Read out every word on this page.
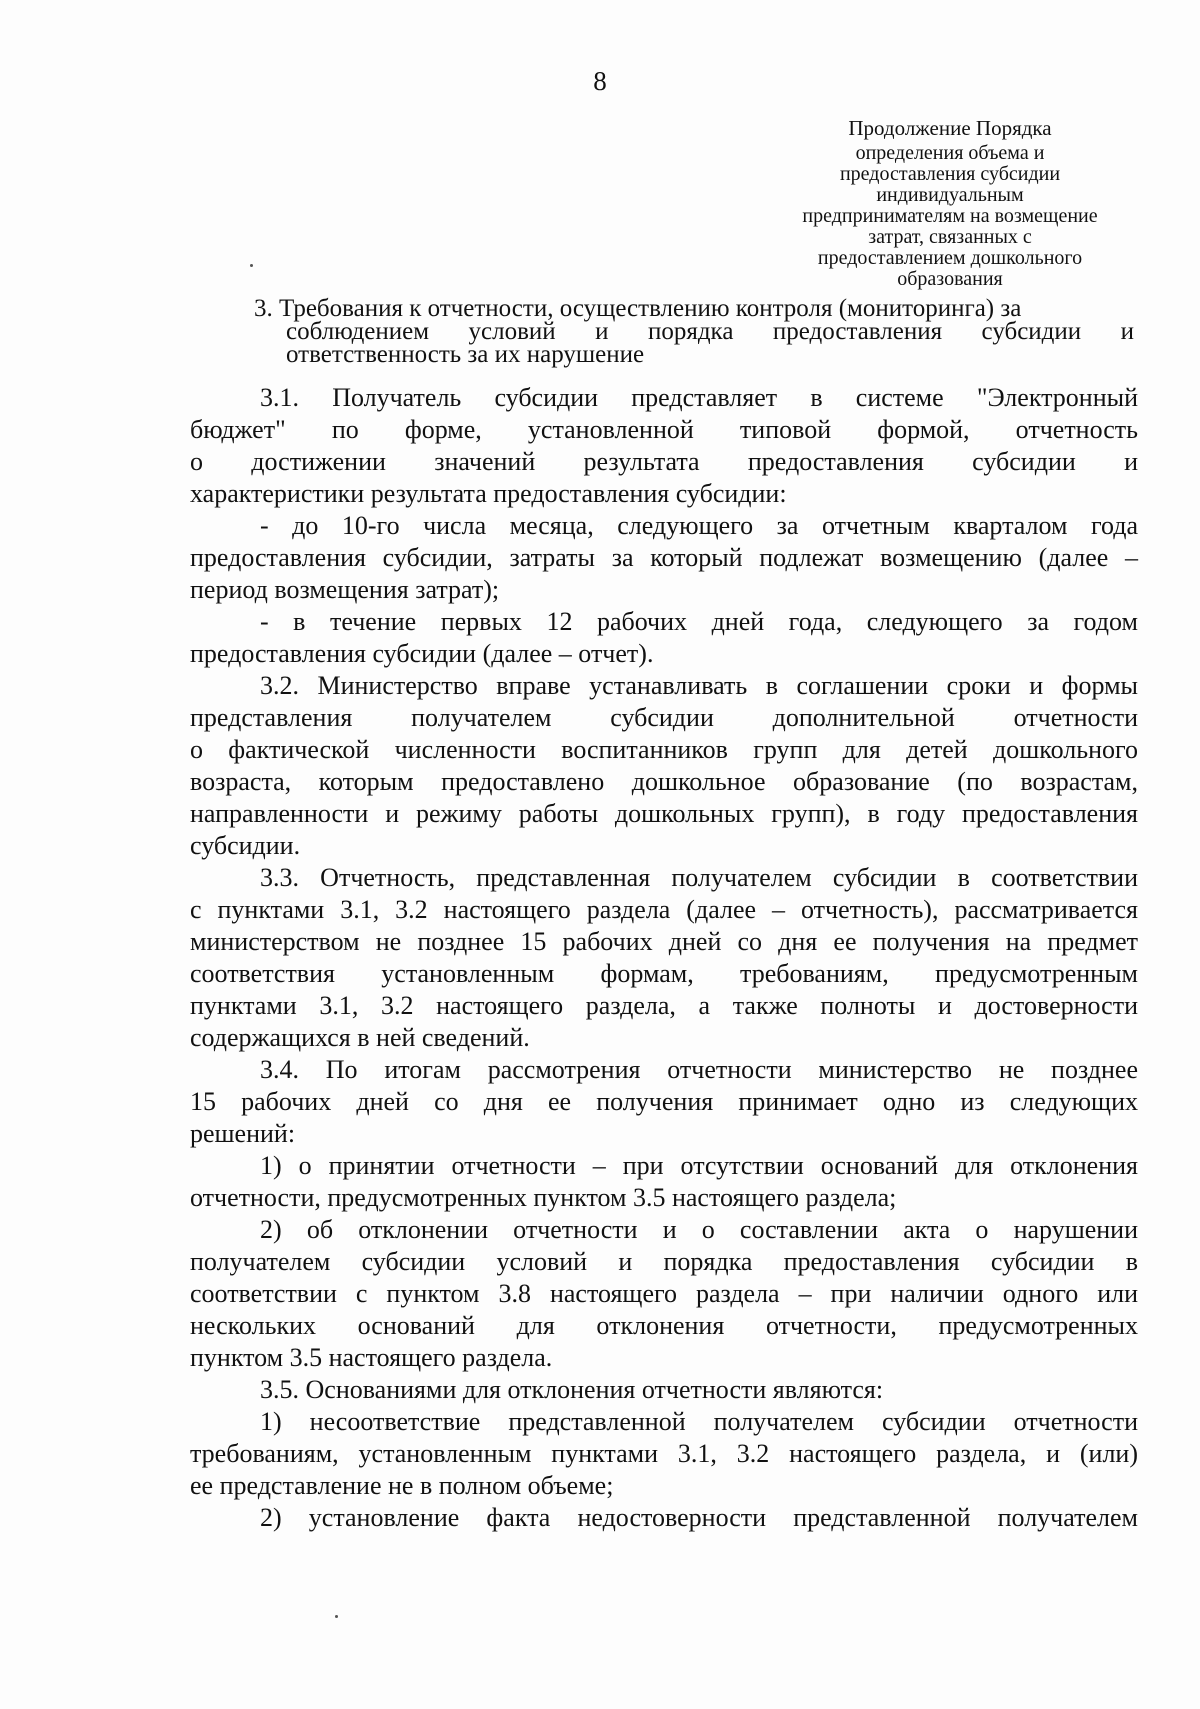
8
Продолжение Порядка
определения объема и
предоставления субсидии
индивидуальным
предпринимателям на возмещение
затрат, связанных с
предоставлением дошкольного
образования
3. Требования к отчетности, осуществлению контроля (мониторинга) за
соблюдением условий и порядка предоставления субсидии и
ответственность за их нарушение
3.1. Получатель субсидии представляет в системе "Электронный
бюджет" по форме, установленной типовой формой, отчетность
о достижении значений результата предоставления субсидии и
характеристики результата предоставления субсидии:
- до 10-го числа месяца, следующего за отчетным кварталом года
предоставления субсидии, затраты за который подлежат возмещению (далее –
период возмещения затрат);
- в течение первых 12 рабочих дней года, следующего за годом
предоставления субсидии (далее – отчет).
3.2. Министерство вправе устанавливать в соглашении сроки и формы
представления получателем субсидии дополнительной отчетности
о фактической численности воспитанников групп для детей дошкольного
возраста, которым предоставлено дошкольное образование (по возрастам,
направленности и режиму работы дошкольных групп), в году предоставления
субсидии.
3.3. Отчетность, представленная получателем субсидии в соответствии
с пунктами 3.1, 3.2 настоящего раздела (далее – отчетность), рассматривается
министерством не позднее 15 рабочих дней со дня ее получения на предмет
соответствия установленным формам, требованиям, предусмотренным
пунктами 3.1, 3.2 настоящего раздела, а также полноты и достоверности
содержащихся в ней сведений.
3.4. По итогам рассмотрения отчетности министерство не позднее
15 рабочих дней со дня ее получения принимает одно из следующих
решений:
1) о принятии отчетности – при отсутствии оснований для отклонения
отчетности, предусмотренных пунктом 3.5 настоящего раздела;
2) об отклонении отчетности и о составлении акта о нарушении
получателем субсидии условий и порядка предоставления субсидии в
соответствии с пунктом 3.8 настоящего раздела – при наличии одного или
нескольких оснований для отклонения отчетности, предусмотренных
пунктом 3.5 настоящего раздела.
3.5. Основаниями для отклонения отчетности являются:
1) несоответствие представленной получателем субсидии отчетности
требованиям, установленным пунктами 3.1, 3.2 настоящего раздела, и (или)
ее представление не в полном объеме;
2) установление факта недостоверности представленной получателем
